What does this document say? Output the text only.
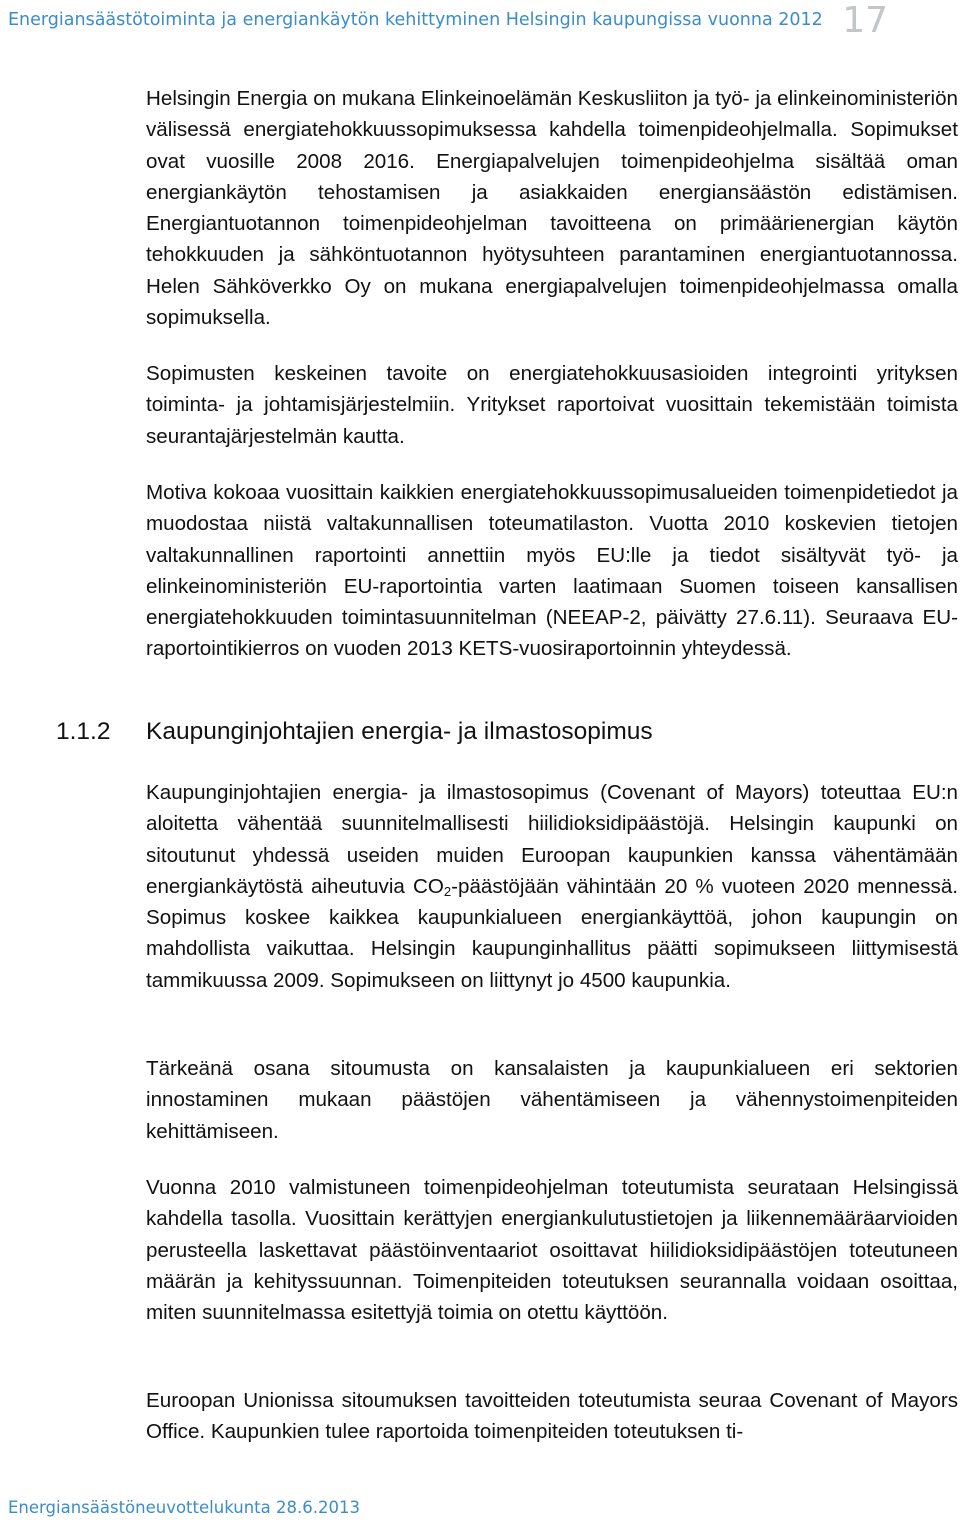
Energiansäästötoiminta ja energiankäytön kehittyminen Helsingin kaupungissa vuonna 2012 17

Helsingin Energia on mukana Elinkeinoelämän Keskusliiton ja työ- ja elinkeinoministeriön välisessä energiatehokkuussopimuksessa kahdella toimenpideohjelmalla. Sopimukset ovat vuosille 2008 2016. Energiapalvelujen toimenpideohjelma sisältää oman energiankäytön tehostamisen ja asiakkaiden energiansäästön edistämisen. Energiantuotannon toimenpideohjelman tavoitteena on primäärienergian käytön tehokkuuden ja sähköntuotannon hyötysuhteen parantaminen energiantuotannossa. Helen Sähköverkko Oy on mukana energiapalvelujen toimenpideohjelmassa omalla sopimuksella.

Sopimusten keskeinen tavoite on energiatehokkuusasioiden integrointi yrityksen toiminta- ja johtamisjärjestelmiin. Yritykset raportoivat vuosittain tekemistään toimista seurantajärjestelmän kautta.

Motiva kokoaa vuosittain kaikkien energiatehokkuussopimusalueiden toimenpidetiedot ja muodostaa niistä valtakunnallisen toteumatilaston. Vuotta 2010 koskevien tietojen valtakunnallinen raportointi annettiin myös EU:lle ja tiedot sisältyvät työ- ja elinkeinoministeriön EU-raportointia varten laatimaan Suomen toiseen kansallisen energiatehokkuuden toimintasuunnitelman (NEEAP-2, päivätty 27.6.11). Seuraava EU-raportointikierros on vuoden 2013 KETS-vuosiraportoinnin yhteydessä.

1.1.2 Kaupunginjohtajien energia- ja ilmastosopimus

Kaupunginjohtajien energia- ja ilmastosopimus (Covenant of Mayors) toteuttaa EU:n aloitetta vähentää suunnitelmallisesti hiilidioksidipäästöjä. Helsingin kaupunki on sitoutunut yhdessä useiden muiden Euroopan kaupunkien kanssa vähentämään energiankäytöstä aiheutuvia $CO_2$-päästöjään vähintään 20 % vuoteen 2020 mennessä. Sopimus koskee kaikkea kaupunkialueen energiankäyttöä, johon kaupungin on mahdollista vaikuttaa. Helsingin kaupunginhallitus päätti sopimukseen liittymisestä tammikuussa 2009. Sopimukseen on liittynyt jo 4500 kaupunkia.

Tärkeänä osana sitoumusta on kansalaisten ja kaupunkialueen eri sektorien innostaminen mukaan päästöjen vähentämiseen ja vähennystoimenpiteiden kehittämiseen.

Vuonna 2010 valmistuneen toimenpideohjelman toteutumista seurataan Helsingissä kahdella tasolla. Vuosittain kerättyjen energiankulutustietojen ja liikennemääräarvioiden perusteella laskettavat päästöinventaariot osoittavat hiilidioksidipäästöjen toteutuneen määrän ja kehityssuunnan. Toimenpiteiden toteutuksen seurannalla voidaan osoittaa, miten suunnitelmassa esitettyjä toimia on otettu käyttöön.

Euroopan Unionissa sitoumuksen tavoitteiden toteutumista seuraa Covenant of Mayors Office. Kaupunkien tulee raportoida toimenpiteiden toteutuksen ti-

Energiansäästöneuvottelukunta 28.6.2013
